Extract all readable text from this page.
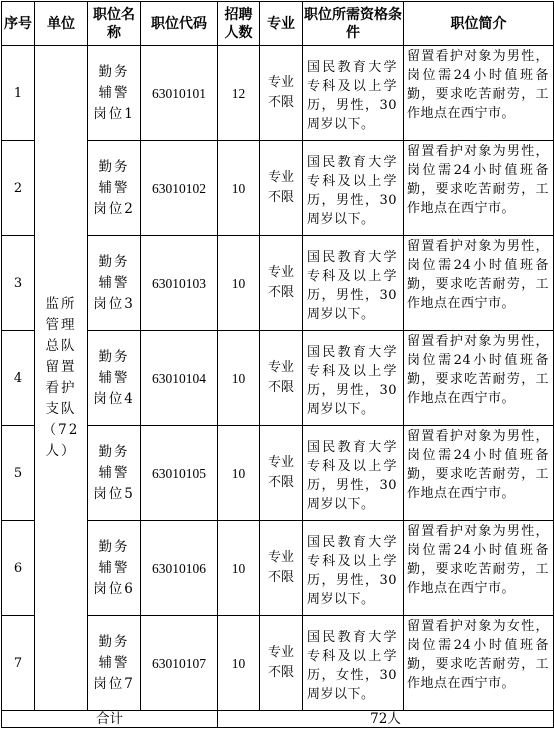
序号	单位	职位名称	职位代码	招聘人数	专业	职位所需资格条件	职位简介
1	监所管理总队留置看护支队（72人）	勤务辅警岗位1	63010101	12	专业不限	国民教育大学专科及以上学历，男性，30周岁以下。	留置看护对象为男性，岗位需24小时值班备勤，要求吃苦耐劳，工作地点在西宁市。
2		勤务辅警岗位2	63010102	10	专业不限	国民教育大学专科及以上学历，男性，30周岁以下。	留置看护对象为男性，岗位需24小时值班备勤，要求吃苦耐劳，工作地点在西宁市。
3		勤务辅警岗位3	63010103	10	专业不限	国民教育大学专科及以上学历，男性，30周岁以下。	留置看护对象为男性，岗位需24小时值班备勤，要求吃苦耐劳，工作地点在西宁市。
4		勤务辅警岗位4	63010104	10	专业不限	国民教育大学专科及以上学历，男性，30周岁以下。	留置看护对象为男性，岗位需24小时值班备勤，要求吃苦耐劳，工作地点在西宁市。
5		勤务辅警岗位5	63010105	10	专业不限	国民教育大学专科及以上学历，男性，30周岁以下。	留置看护对象为男性，岗位需24小时值班备勤，要求吃苦耐劳，工作地点在西宁市。
6		勤务辅警岗位6	63010106	10	专业不限	国民教育大学专科及以上学历，男性，30周岁以下。	留置看护对象为男性，岗位需24小时值班备勤，要求吃苦耐劳，工作地点在西宁市。
7		勤务辅警岗位7	63010107	10	专业不限	国民教育大学专科及以上学历，女性，30周岁以下。	留置看护对象为女性，岗位需24小时值班备勤，要求吃苦耐劳，工作地点在西宁市。
合计				72人			
